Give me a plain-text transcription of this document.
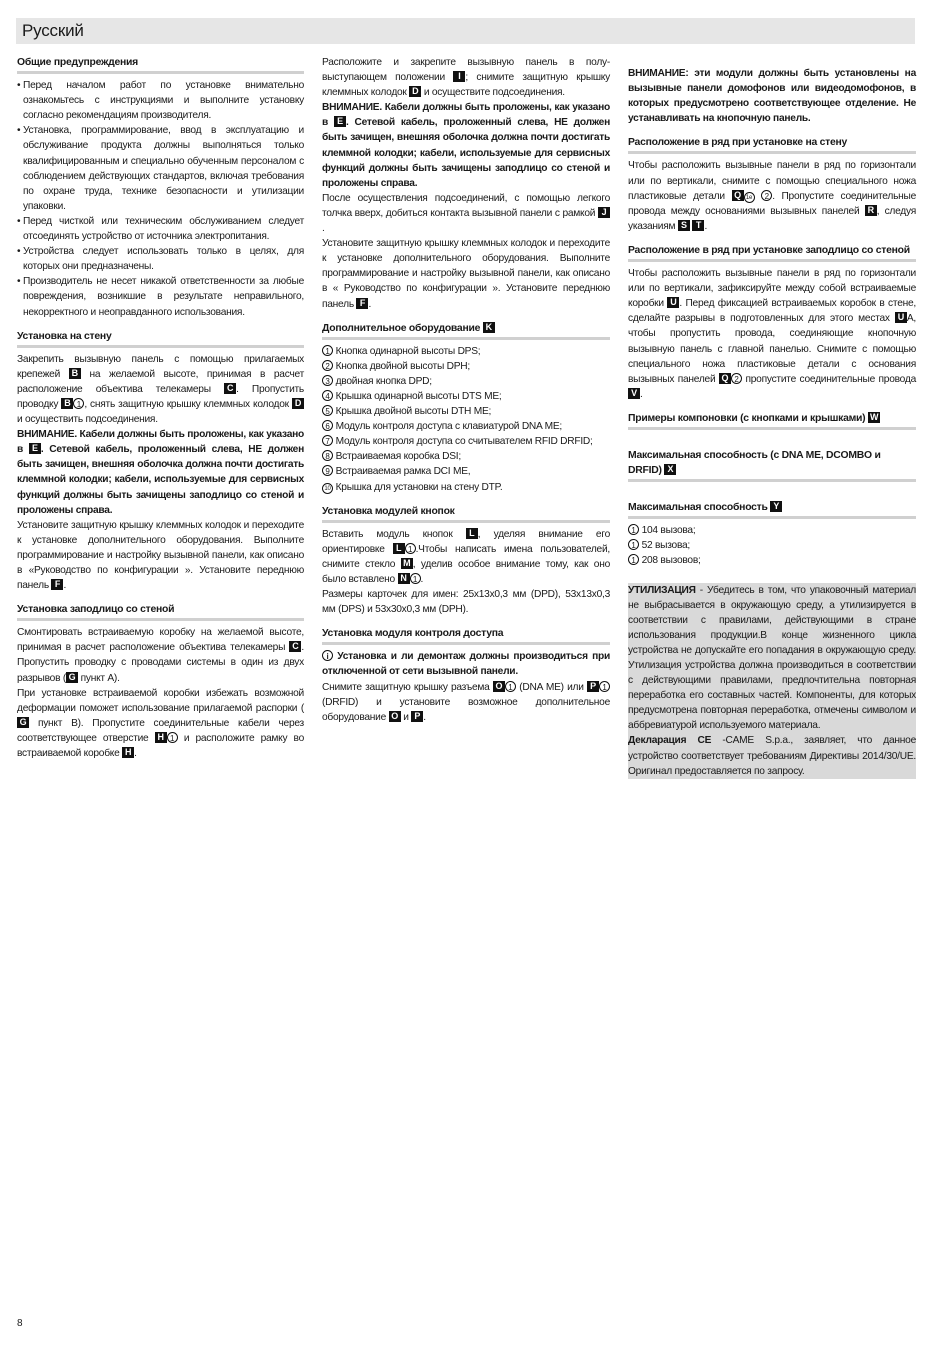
Русский
Общие предупреждения
• Перед началом работ по установке внимательно ознакомьтесь с инструкциями и выполните установку согласно рекомендациям производителя.
• Установка, программирование, ввод в эксплуатацию и обслуживание продукта должны выполняться только квалифицированным и специально обученным персоналом с соблюдением действующих стандартов, включая требования по охране труда, технике безопасности и утилизации упаковки.
• Перед чисткой или техническим обслуживанием следует отсоединять устройство от источника электропитания.
• Устройства следует использовать только в целях, для которых они предназначены.
• Производитель не несет никакой ответственности за любые повреждения, возникшие в результате неправильного, некорректного и неоправданного использования.
Установка на стену

Закрепить вызывную панель с помощью прилагаемых крепежей B на желаемой высоте, принимая в расчет расположение объектива телекамеры C . Пропустить проводку B 1 , снять защитную крышку клеммных колодок D и осуществить подсоединения.

ВНИМАНИЕ. Кабели должны быть проложены, как указано в E . Сетевой кабель, проложенный слева, НЕ должен быть зачищен, внешняя оболочка должна почти достигать клеммной колодки; кабели, используемые для сервисных функций должны быть зачищены заподлицо со стеной и проложены справа.

Установите защитную крышку клеммных колодок и переходите к установке дополнительного оборудования. Выполните программирование и настройку вызывной панели, как описано в «Руководство по конфигурации ». Установите переднюю панель F .

Установка заподлицо со стеной

Смонтировать встраиваемую коробку на желаемой высоте, принимая в расчет расположение объектива телекамеры C . Пропустить проводку с проводами системы в один из двух разрывов ( G пункт A).

При установке встраиваемой коробки избежать возможной деформации поможет использование прилагаемой распорки (G пункт B). Пропустите соединительные кабели через соответствующее отверстие H 1 и расположите рамку во встраиваемой коробке H .

Расположите и закрепите вызывную панель в полу-выступающем положении I ; снимите защитную крышку клеммных колодок D и осуществите подсоединения.

ВНИМАНИЕ. Кабели должны быть проложены, как указано в E . Сетевой кабель, проложенный слева, НЕ должен быть зачищен, внешняя оболочка должна почти достигать клеммной колодки; кабели, используемые для сервисных функций должны быть зачищены заподлицо со стеной и проложены справа.

После осуществления подсоединений, с помощью легкого толчка вверх, добиться контакта вызывной панели с рамкой J.

Установите защитную крышку клеммных колодок и переходите к установке дополнительного оборудования. Выполните программирование и настройку вызывной панели, как описано в « Руководство по конфигурации ». Установите переднюю панель F .

Дополнительное оборудование K
1 Кнопка одинарной высоты DPS;
2 Кнопка двойной высоты DPH;
3 двойная кнопка DPD;
4 Крышка одинарной высоты DTS ME;
5 Крышка двойной высоты DTH ME;
6 Модуль контроля доступа с клавиатурой DNA ME;
7 Модуль контроля доступа со считывателем RFID DRFID;
8 Встраиваемая коробка DSI;
9 Встраиваемая рамка DCI ME,
10 Крышка для установки на стену DTP.
Установка модулей кнопок

Вставить модуль кнопок L , уделяя внимание его ориентировке L 1 .Чтобы написать имена пользователей, снимите стекло M , уделив особое внимание тому, как оно было вставлено N 1 .

Размеры карточек для имен: 25x13x0,3 мм (DPD), 53x13x0,3 мм (DPS) и 53x30x0,3 мм (DPH).

Установка модуля контроля доступа

i Установка и ли демонтаж должны производиться при отключенной от сети вызывной панели.

Снимите защитную крышку разъема O 1 (DNA ME) или P 1 (DRFID) и установите возможное дополнительное оборудование O и P .

ВНИМАНИЕ: эти модули должны быть установлены на вызывные панели домофонов или видеодомофонов, в которых предусмотрено соответствующее отделение. Не устанавливать на кнопочную панель.

Расположение в ряд при установке на стену

Чтобы расположить вызывные панели в ряд по горизонтали или по вертикали, снимите с помощью специального ножа пластиковые детали Q 1e 2 . Пропустите соединительные провода между основаниями вызывных панелей R , следуя указаниям S T .

Расположение в ряд при установке заподлицо со стеной

Чтобы расположить вызывные панели в ряд по горизонтали или по вертикали, зафиксируйте между собой встраиваемые коробки U . Перед фиксацией встраиваемых коробок в стене, сделайте разрывы в подготовленных для этого местах U A, чтобы пропустить провода, соединяющие кнопочную вызывную панель с главной панелью. Снимите с помощью специального ножа пластиковые детали с основания вызывных панелей Q 2 пропустите соединительные провода V .

Примеры компоновки (с кнопками и крышками) W
Максимальная способность (с DNA ME, DCOMBO и DRFID) X
Максимальная способность Y
1 104 вызова;
1 52 вызова;
1 208 вызовов;

УТИЛИЗАЦИЯ - Убедитесь в том, что упаковочный материал не выбрасывается в окружающую среду, а утилизируется в соответствии с правилами, действующими в стране использования продукции.В конце жизненного цикла устройства не допускайте его попадания в окружающую среду. Утилизация устройства должна производиться в соответствии с действующими правилами, предпочтительна повторная переработка его составных частей. Компоненты, для которых предусмотрена повторная переработка, отмечены символом и аббревиатурой используемого материала.

Декларация CE -CAME S.p.a., заявляет, что данное устройство соответствует требованиям Директивы 2014/30/UE. Оригинал предоставляется по запросу.

8
